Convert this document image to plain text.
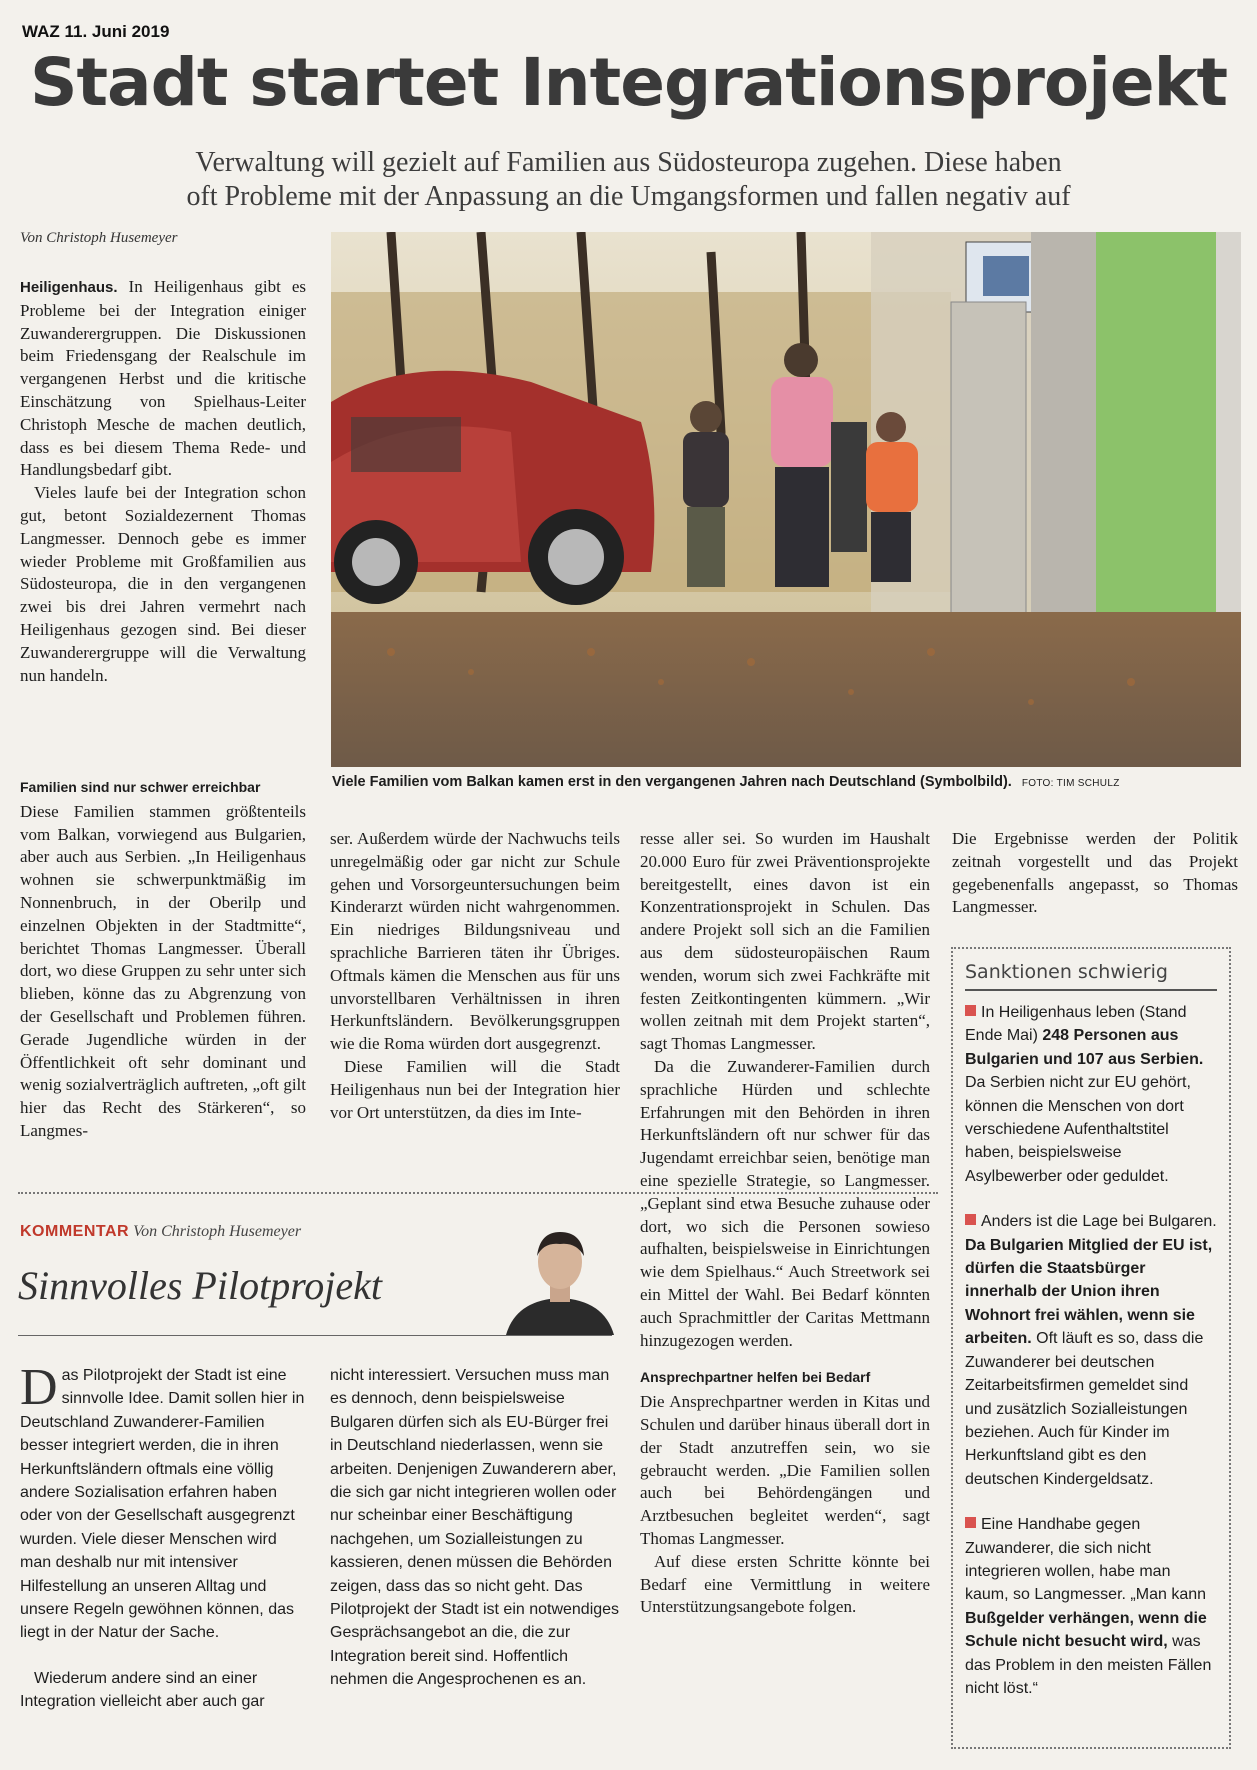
WAZ 11. Juni 2019
Stadt startet Integrationsprojekt
Verwaltung will gezielt auf Familien aus Südosteuropa zugehen. Diese haben
oft Probleme mit der Anpassung an die Umgangsformen und fallen negativ auf
Von Christoph Husemeyer

Heiligenhaus. In Heiligenhaus gibt es Probleme bei der Integration einiger Zuwanderergruppen. Die Diskussionen beim Friedensgang der Realschule im vergangenen Herbst und die kritische Einschätzung von Spielhaus-Leiter Christoph Mesche de machen deutlich, dass es bei diesem Thema Rede- und Handlungsbedarf gibt.

Vieles laufe bei der Integration schon gut, betont Sozialdezernent Thomas Langmesser. Dennoch gebe es immer wieder Probleme mit Großfamilien aus Südosteuropa, die in den vergangenen zwei bis drei Jahren vermehrt nach Heiligenhaus gezogen sind. Bei dieser Zuwanderergruppe will die Verwaltung nun handeln.

Viele Familien vom Balkan kamen erst in den vergangenen Jahren nach Deutschland (Symbolbild). FOTO: TIM SCHULZ
Familien sind nur schwer erreichbar

Diese Familien stammen größtenteils vom Balkan, vorwiegend aus Bulgarien, aber auch aus Serbien. „In Heiligenhaus wohnen sie schwerpunktmäßig im Nonnenbruch, in der Oberilp und einzelnen Objekten in der Stadtmitte“, berichtet Thomas Langmesser. Überall dort, wo diese Gruppen zu sehr unter sich blieben, könne das zu Abgrenzung von der Gesellschaft und Problemen führen. Gerade Jugendliche würden in der Öffentlichkeit oft sehr dominant und wenig sozialverträglich auftreten, „oft gilt hier das Recht des Stärkeren“, so Langmes-

ser. Außerdem würde der Nachwuchs teils unregelmäßig oder gar nicht zur Schule gehen und Vorsorgeuntersuchungen beim Kinderarzt würden nicht wahrgenommen. Ein niedriges Bildungsniveau und sprachliche Barrieren täten ihr Übriges. Oftmals kämen die Menschen aus für uns unvorstellbaren Verhältnissen in ihren Herkunftsländern. Bevölkerungsgruppen wie die Roma würden dort ausgegrenzt.

Diese Familien will die Stadt Heiligenhaus nun bei der Integration hier vor Ort unterstützen, da dies im Inte-

resse aller sei. So wurden im Haushalt 20.000 Euro für zwei Präventionsprojekte bereitgestellt, eines davon ist ein Konzentrationsprojekt in Schulen. Das andere Projekt soll sich an die Familien aus dem südosteuropäischen Raum wenden, worum sich zwei Fachkräfte mit festen Zeitkontingenten kümmern. „Wir wollen zeitnah mit dem Projekt starten“, sagt Thomas Langmesser.

Da die Zuwanderer-Familien durch sprachliche Hürden und schlechte Erfahrungen mit den Behörden in ihren Herkunftsländern oft nur schwer für das Jugendamt erreichbar seien, benötige man eine spezielle Strategie, so Langmesser. „Geplant sind etwa Besuche zuhause oder dort, wo sich die Personen sowieso aufhalten, beispielsweise in Einrichtungen wie dem Spielhaus.“ Auch Streetwork sei ein Mittel der Wahl. Bei Bedarf könnten auch Sprachmittler der Caritas Mettmann hinzugezogen werden.

Ansprechpartner helfen bei Bedarf

Die Ansprechpartner werden in Kitas und Schulen und darüber hinaus überall dort in der Stadt anzutreffen sein, wo sie gebraucht werden. „Die Familien sollen auch bei Behördengängen und Arztbesuchen begleitet werden“, sagt Thomas Langmesser.

Auf diese ersten Schritte könnte bei Bedarf eine Vermittlung in weitere Unterstützungsangebote folgen.

Die Ergebnisse werden der Politik zeitnah vorgestellt und das Projekt gegebenenfalls angepasst, so Thomas Langmesser.

KOMMENTAR Von Christoph Husemeyer
Sinnvolles Pilotprojekt

Das Pilotprojekt der Stadt ist eine sinnvolle Idee. Damit sollen hier in Deutschland Zuwanderer-Familien besser integriert werden, die in ihren Herkunftsländern oftmals eine völlig andere Sozialisation erfahren haben oder von der Gesellschaft ausgegrenzt wurden. Viele dieser Menschen wird man deshalb nur mit intensiver Hilfestellung an unseren Alltag und unsere Regeln gewöhnen können, das liegt in der Natur der Sache.

Wiederum andere sind an einer Integration vielleicht aber auch gar

nicht interessiert. Versuchen muss man es dennoch, denn beispielsweise Bulgaren dürfen sich als EU-Bürger frei in Deutschland niederlassen, wenn sie arbeiten. Denjenigen Zuwanderern aber, die sich gar nicht integrieren wollen oder nur scheinbar einer Beschäftigung nachgehen, um Sozialleistungen zu kassieren, denen müssen die Behörden zeigen, dass das so nicht geht. Das Pilotprojekt der Stadt ist ein notwendiges Gesprächsangebot an die, die zur Integration bereit sind. Hoffentlich nehmen die Angesprochenen es an.

Sanktionen schwierig

In Heiligenhaus leben (Stand Ende Mai) 248 Personen aus Bulgarien und 107 aus Serbien. Da Serbien nicht zur EU gehört, können die Menschen von dort verschiedene Aufenthaltstitel haben, beispielsweise Asylbewerber oder geduldet.

Anders ist die Lage bei Bulgaren. Da Bulgarien Mitglied der EU ist, dürfen die Staatsbürger innerhalb der Union ihren Wohnort frei wählen, wenn sie arbeiten. Oft läuft es so, dass die Zuwanderer bei deutschen Zeitarbeitsfirmen gemeldet sind und zusätzlich Sozialleistungen beziehen. Auch für Kinder im Herkunftsland gibt es den deutschen Kindergeldsatz.

Eine Handhabe gegen Zuwanderer, die sich nicht integrieren wollen, habe man kaum, so Langmesser. „Man kann Bußgelder verhängen, wenn die Schule nicht besucht wird, was das Problem in den meisten Fällen nicht löst.“
